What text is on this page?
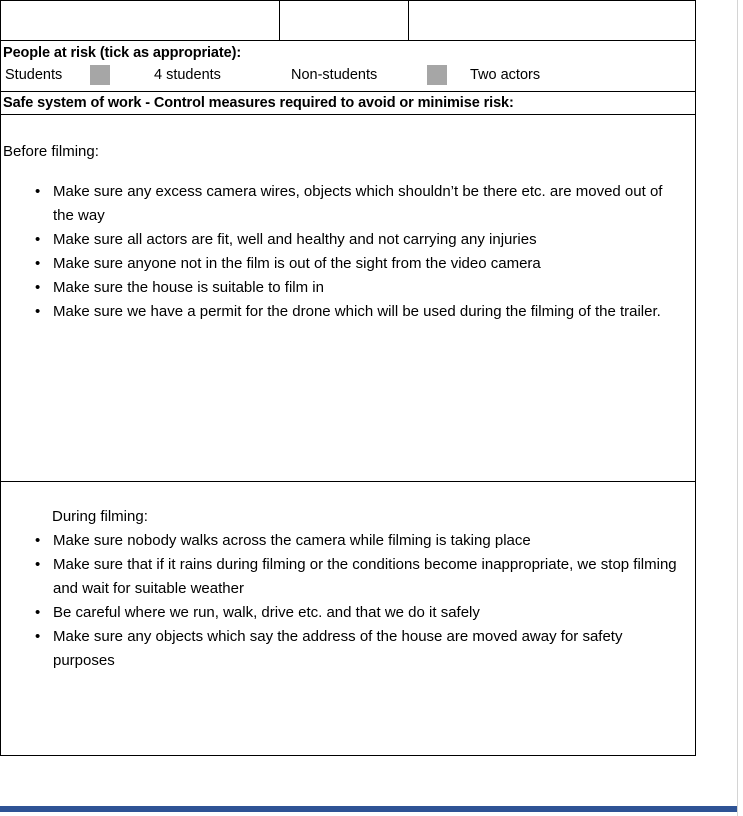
People at risk (tick as appropriate):
Students	4 students	Non-students	Two actors

Safe system of work - Control measures required to avoid or minimise risk:

Before filming:
• Make sure any excess camera wires, objects which shouldn’t be there etc. are moved out of the way
• Make sure all actors are fit, well and healthy and not carrying any injuries
• Make sure anyone not in the film is out of the sight from the video camera
• Make sure the house is suitable to film in
• Make sure we have a permit for the drone which will be used during the filming of the trailer.

During filming:
• Make sure nobody walks across the camera while filming is taking place
• Make sure that if it rains during filming or the conditions become inappropriate, we stop filming and wait for suitable weather
• Be careful where we run, walk, drive etc. and that we do it safely
• Make sure any objects which say the address of the house are moved away for safety purposes
